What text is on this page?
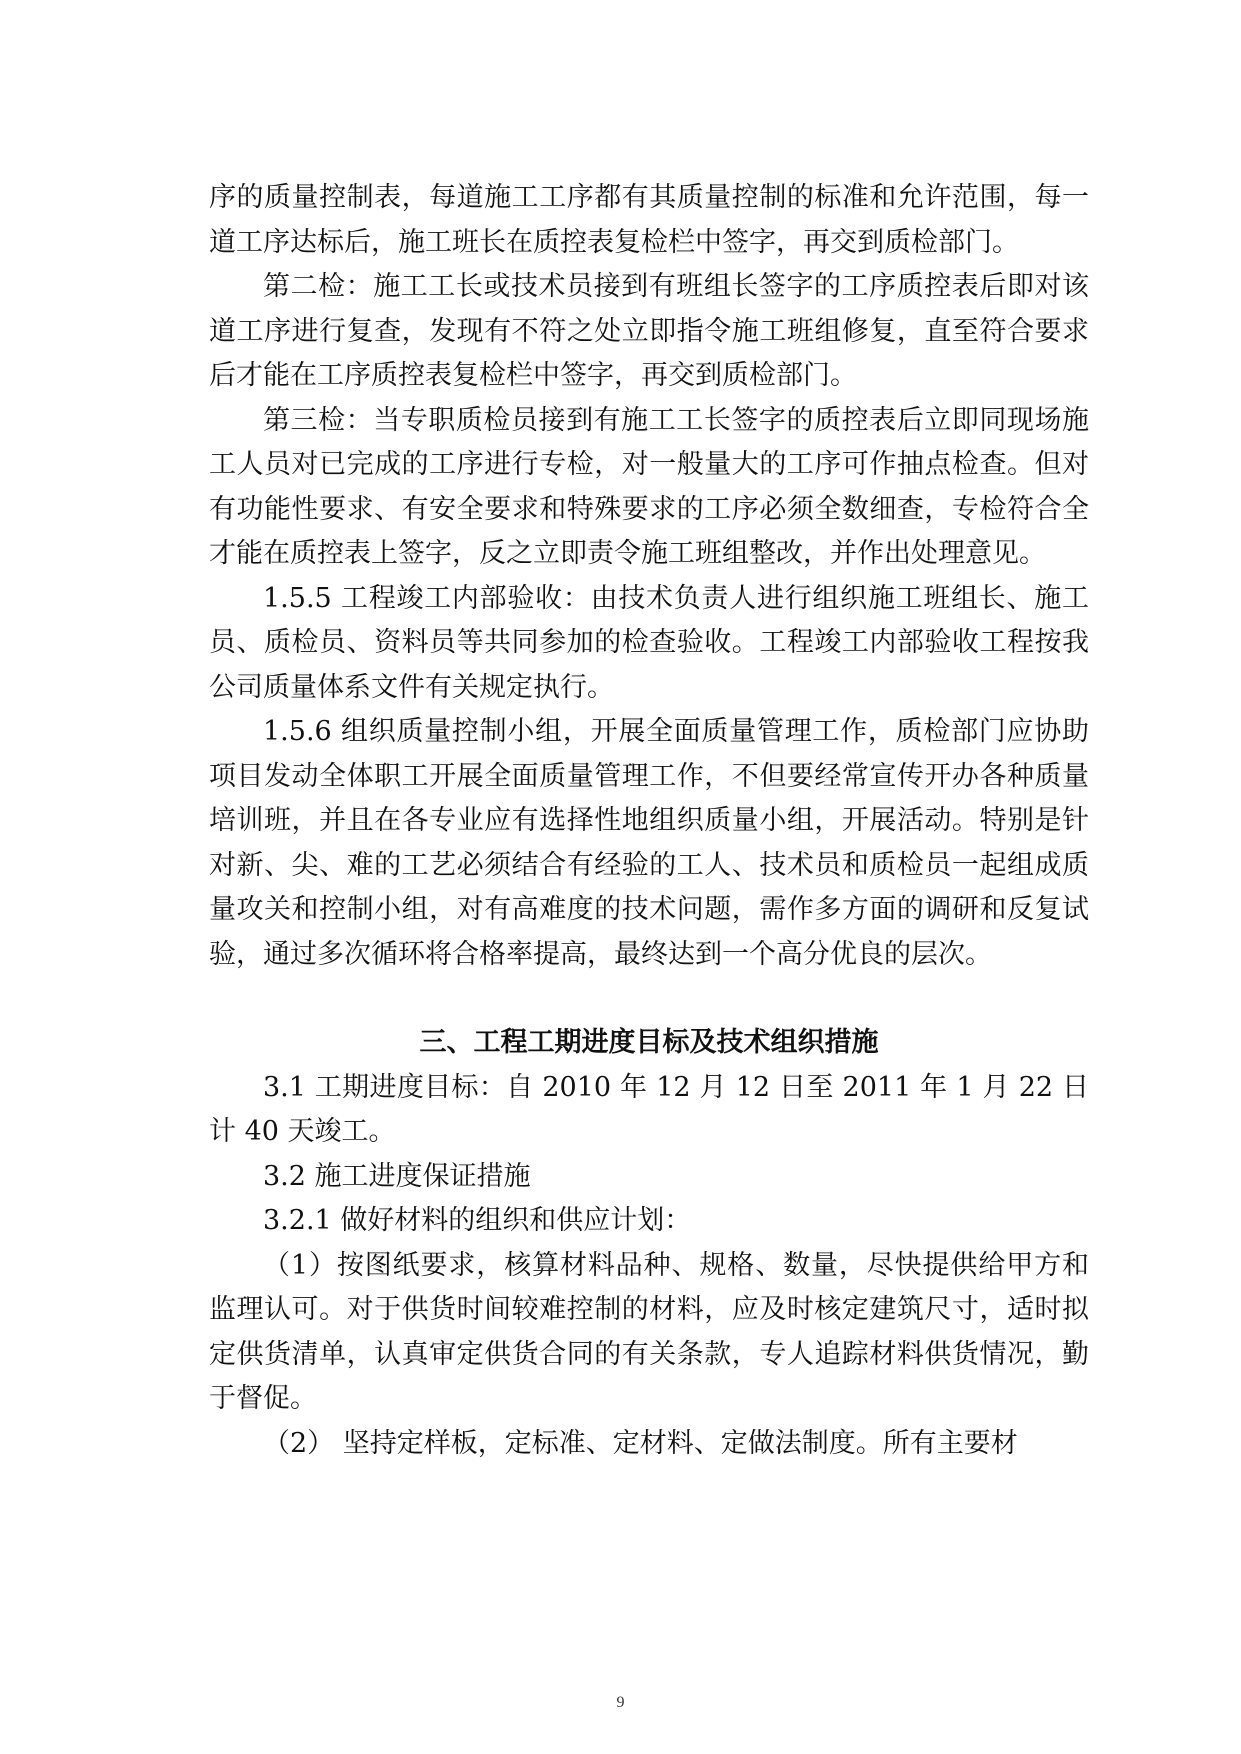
序的质量控制表，每道施工工序都有其质量控制的标准和允许范围，每一道工序达标后，施工班长在质控表复检栏中签字，再交到质检部门。

第二检：施工工长或技术员接到有班组长签字的工序质控表后即对该道工序进行复查，发现有不符之处立即指令施工班组修复，直至符合要求后才能在工序质控表复检栏中签字，再交到质检部门。

第三检：当专职质检员接到有施工工长签字的质控表后立即同现场施工人员对已完成的工序进行专检，对一般量大的工序可作抽点检查。但对有功能性要求、有安全要求和特殊要求的工序必须全数细查，专检符合全才能在质控表上签字，反之立即责令施工班组整改，并作出处理意见。

1.5.5 工程竣工内部验收：由技术负责人进行组织施工班组长、施工员、质检员、资料员等共同参加的检查验收。工程竣工内部验收工程按我公司质量体系文件有关规定执行。

1.5.6 组织质量控制小组，开展全面质量管理工作，质检部门应协助项目发动全体职工开展全面质量管理工作，不但要经常宣传开办各种质量培训班，并且在各专业应有选择性地组织质量小组，开展活动。特别是针对新、尖、难的工艺必须结合有经验的工人、技术员和质检员一起组成质量攻关和控制小组，对有高难度的技术问题，需作多方面的调研和反复试验，通过多次循环将合格率提高，最终达到一个高分优良的层次。

三、工程工期进度目标及技术组织措施

3.1 工期进度目标：自 2010 年 12 月 12 日至 2011 年 1 月 22 日计 40 天竣工。

3.2 施工进度保证措施

3.2.1 做好材料的组织和供应计划：

（1）按图纸要求，核算材料品种、规格、数量，尽快提供给甲方和监理认可。对于供货时间较难控制的材料，应及时核定建筑尺寸，适时拟定供货清单，认真审定供货合同的有关条款，专人追踪材料供货情况，勤于督促。

（2） 坚持定样板，定标准、定材料、定做法制度。所有主要材

9
